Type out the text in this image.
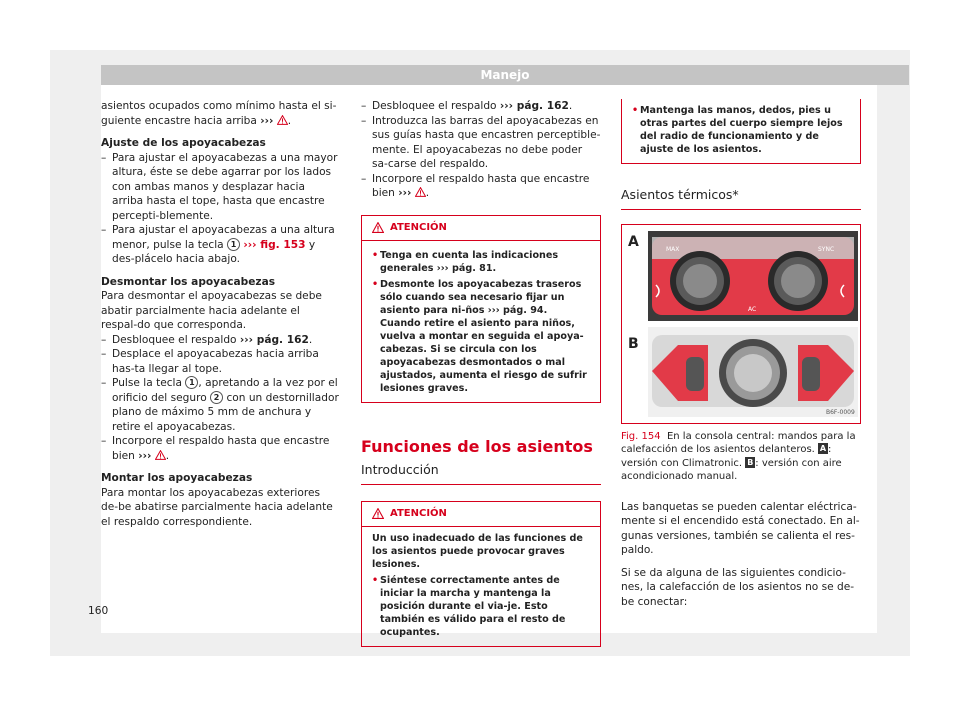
Manejo

asientos ocupados como mínimo hasta el si-guiente encastre hacia arriba ››› .

Ajuste de los apoyacabezas

– Para ajustar el apoyacabezas a una mayor altura, éste se debe agarrar por los lados con ambas manos y desplazar hacia arriba hasta el tope, hasta que encastre percepti-blemente.

– Para ajustar el apoyacabezas a una altura menor, pulse la tecla 1 ››› fig. 153 y des-plácelo hacia abajo.

Desmontar los apoyacabezas

Para desmontar el apoyacabezas se debe abatir parcialmente hacia adelante el respal-do que corresponda.

– Desbloquee el respaldo ››› pág. 162.

– Desplace el apoyacabezas hacia arriba has-ta llegar al tope.

– Pulse la tecla 1 , apretando a la vez por el orificio del seguro 2 con un destornillador plano de máximo 5 mm de anchura y retire el apoyacabezas.

– Incorpore el respaldo hasta que encastre bien ››› .

Montar los apoyacabezas

Para montar los apoyacabezas exteriores de-be abatirse parcialmente hacia adelante el respaldo correspondiente.

– Desbloquee el respaldo ››› pág. 162.

– Introduzca las barras del apoyacabezas en sus guías hasta que encastren perceptible-mente. El apoyacabezas no debe poder sa-carse del respaldo.

– Incorpore el respaldo hasta que encastre bien ››› .

ATENCIÓN

• Tenga en cuenta las indicaciones generales ››› pág. 81.

• Desmonte los apoyacabezas traseros sólo cuando sea necesario fijar un asiento para ni-ños ››› pág. 94. Cuando retire el asiento para niños, vuelva a montar en seguida el apoya-cabezas. Si se circula con los apoyacabezas desmontados o mal ajustados, aumenta el riesgo de sufrir lesiones graves.

Funciones de los asientos

Introducción

ATENCIÓN

Un uso inadecuado de las funciones de los asientos puede provocar graves lesiones.

• Siéntese correctamente antes de iniciar la marcha y mantenga la posición durante el via-je. Esto también es válido para el resto de ocupantes.

• Mantenga las manos, dedos, pies u otras partes del cuerpo siempre lejos del radio de funcionamiento y de ajuste de los asientos.

Asientos térmicos*

A
B
MAX	SYNC
AC
B6F-0009

Fig. 154 En la consola central: mandos para la calefacción de los asientos delanteros. A : versión con Climatronic. B : versión con aire acondicionado manual.

Las banquetas se pueden calentar eléctrica-mente si el encendido está conectado. En al-gunas versiones, también se calienta el res-paldo.

Si se da alguna de las siguientes condicio-nes, la calefacción de los asientos no se de-be conectar:

160
